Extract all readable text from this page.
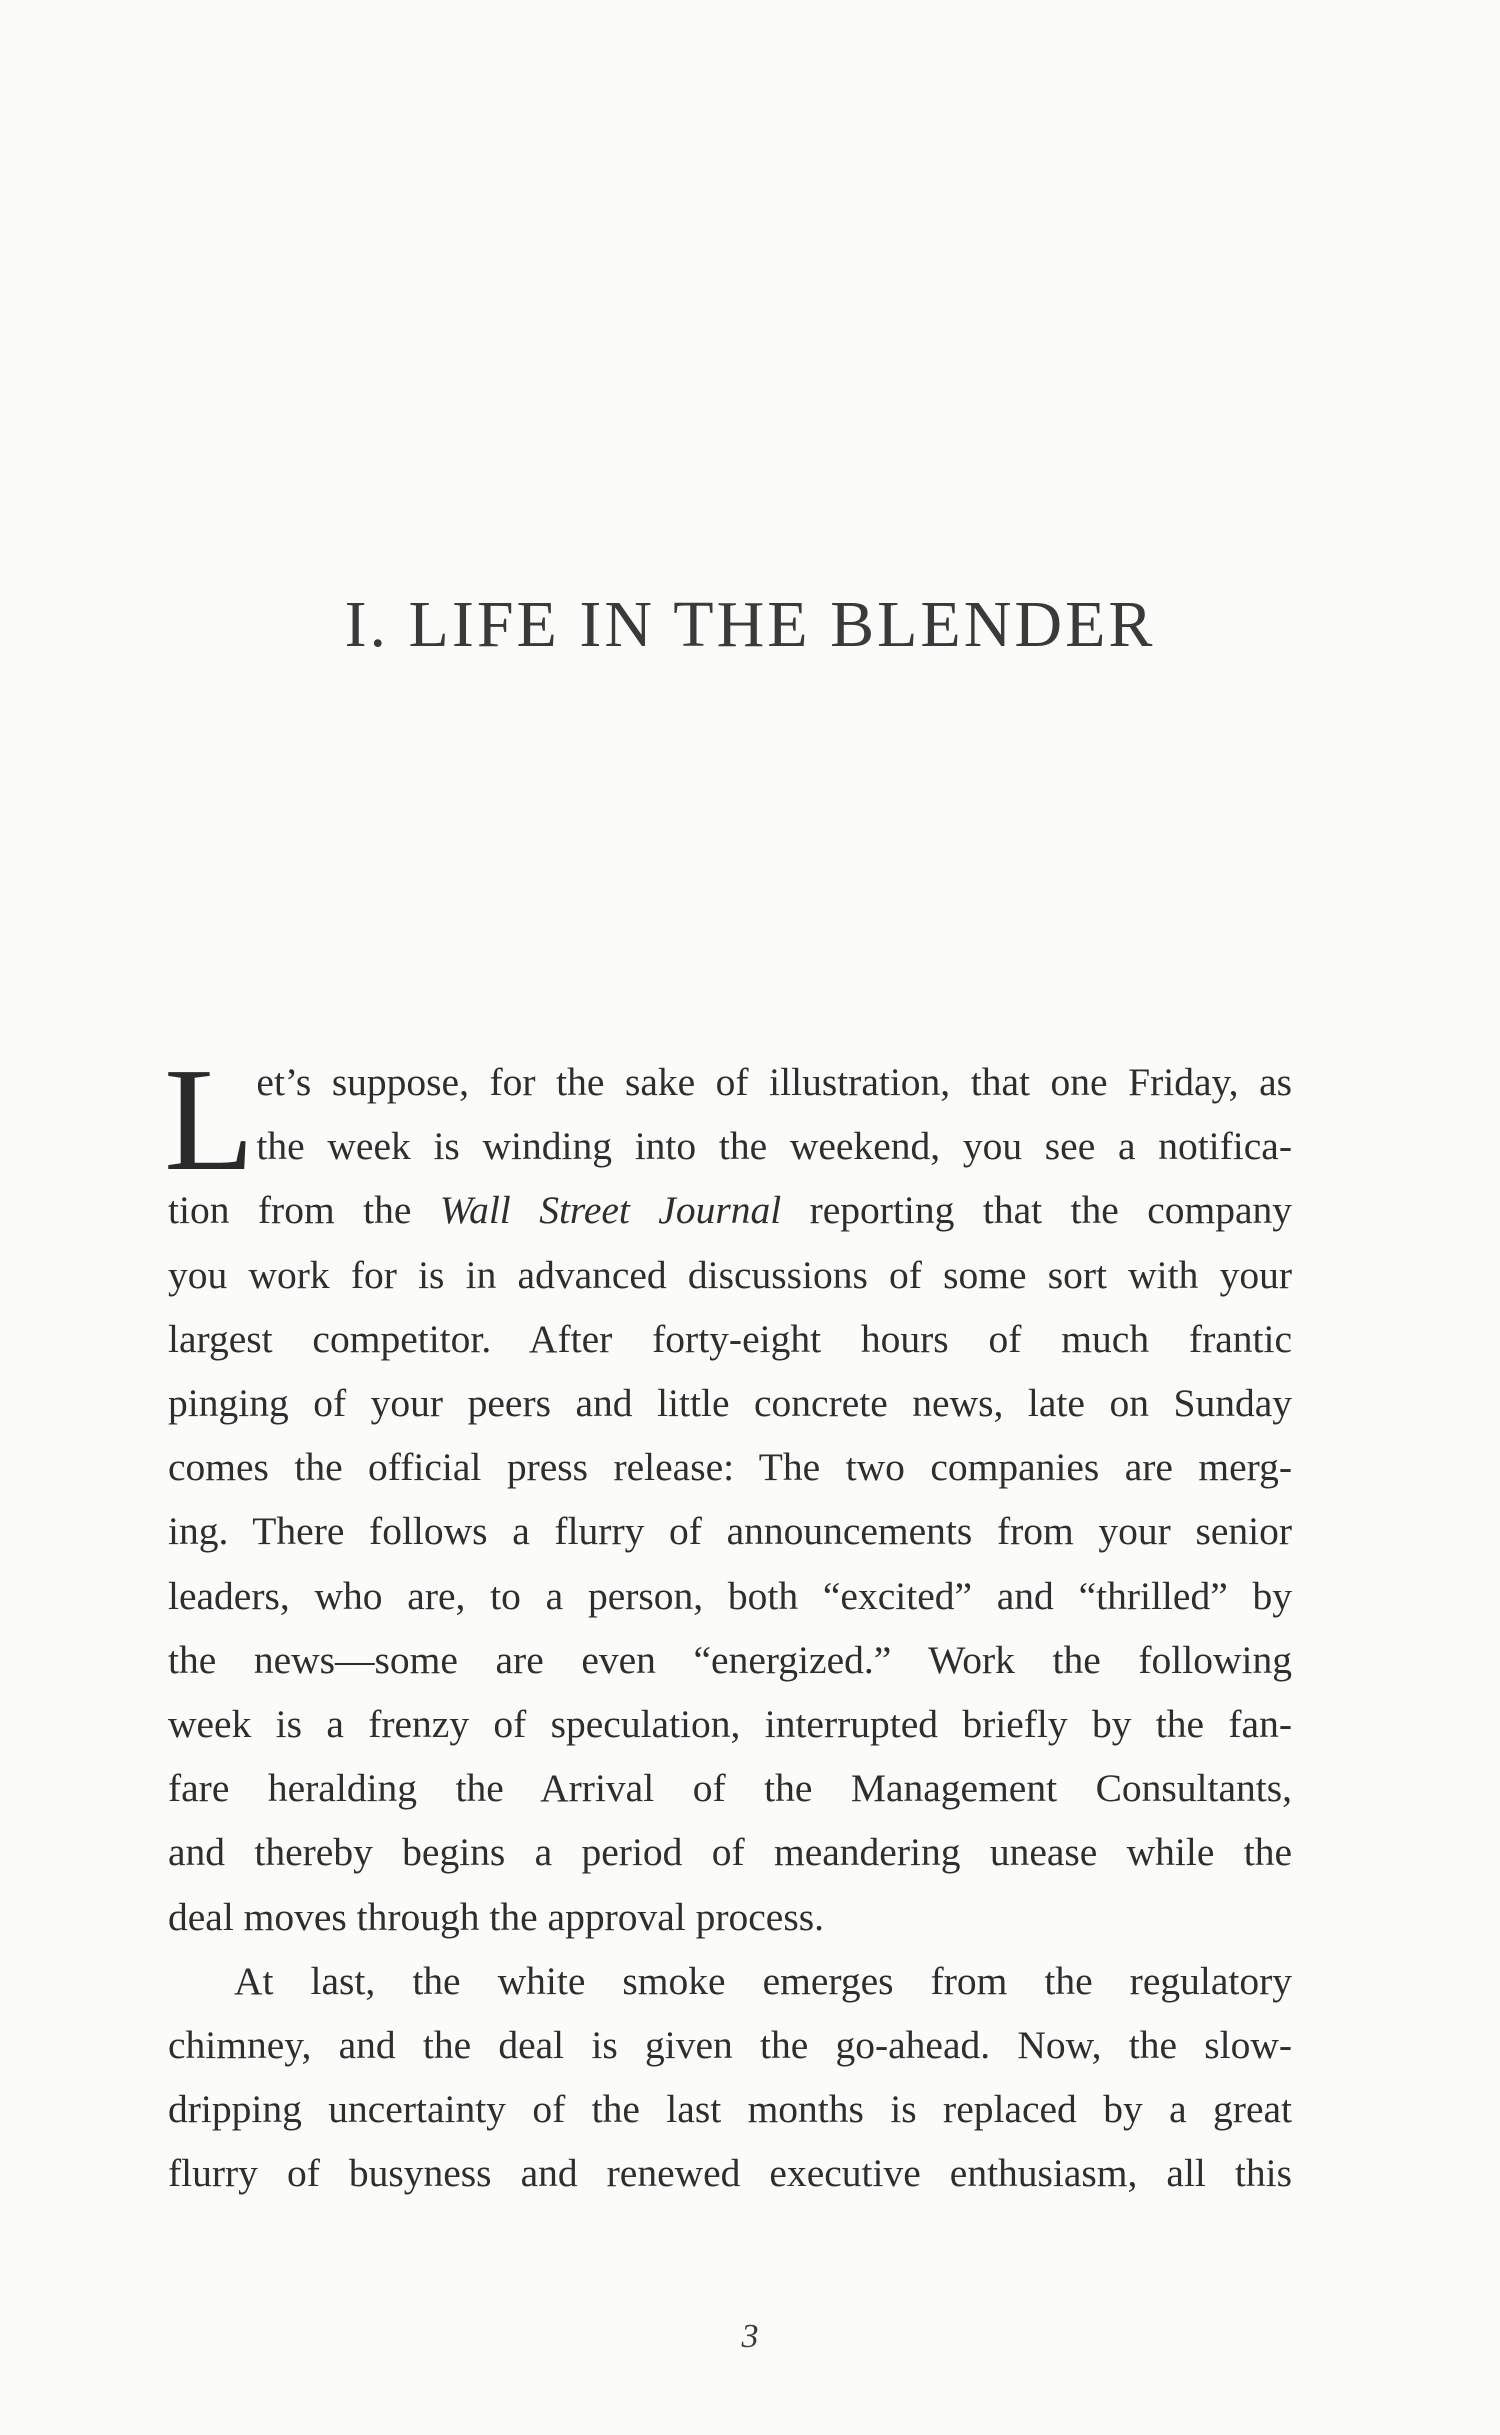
I. LIFE IN THE BLENDER
L et’s suppose, for the sake of illustration, that one Friday, as
the week is winding into the weekend, you see a notifica-
tion from the Wall Street Journal reporting that the company
you work for is in advanced discussions of some sort with your
largest competitor. After forty-eight hours of much frantic
pinging of your peers and little concrete news, late on Sunday
comes the official press release: The two companies are merg-
ing. There follows a flurry of announcements from your senior
leaders, who are, to a person, both “excited” and “thrilled” by
the news—some are even “energized.” Work the following
week is a frenzy of speculation, interrupted briefly by the fan-
fare heralding the Arrival of the Management Consultants,
and thereby begins a period of meandering unease while the
deal moves through the approval process.
At last, the white smoke emerges from the regulatory
chimney, and the deal is given the go-ahead. Now, the slow-
dripping uncertainty of the last months is replaced by a great
flurry of busyness and renewed executive enthusiasm, all this
3
